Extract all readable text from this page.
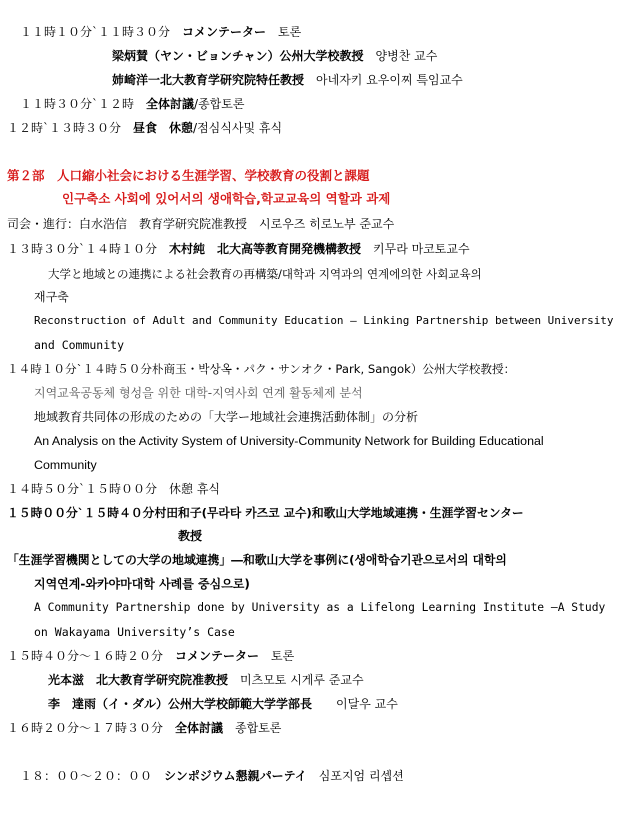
１１時１０分`１１時３０分 コメンテーター 토론
梁炳賛（ヤン・ビョンチャン）公州大学校教授 양병찬 교수
姉崎洋一北大教育学研究院特任教授 아네자키 요우이찌 특임교수
１１時３０分`１２時 全体討議/종합토론
１２時`１３時３０分 昼食　休憩/점심식사및 휴식
第２部　人口縮小社会における生涯学習、学校教育の役割と課題
인구축소 사회에 있어서의 생애학습,학교교육의 역할과 과제
司会・進行：白水浩信　教育学研究院准教授 시로우즈 히로노부 준교수
１３時３０分`１４時１０分 木村純　北大高等教育開発機構教授 키무라 마코토교수
大学と地域との連携による社会教育の再構築/대학과 지역과의 연계에의한 사회교육의
재구축
Reconstruction of Adult and Community Education – Linking Partnership between University
and Community
１４時１０分`１４時５０分朴商玉・박상옥・パク・サンオク・Park, Sangok）公州大学校教授：
지역교육공동체 형성을 위한 대학-지역사회 연계 활동체제 분석
地域教育共同体の形成のための「大学ー地域社会連携活動体制」の分析
An Analysis on the Activity System of University-Community Network for Building Educational
Community
１４時５０分`１５時００分 休憩 휴식
１５時００分`１５時４０分村田和子(무라타 카즈코 교수)和歌山大学地域連携・生涯学習センター
教授
「生涯学習機関としての大学の地域連携」―和歌山大学を事例に(생애학습기관으로서의 대학의
지역연계-와카야마대학 사례를 중심으로)
A Community Partnership done by University as a Lifelong Learning Institute –A Study
on Wakayama University’s Case
１５時４０分～１６時２０分 コメンテーター 토론
光本滋　北大教育学研究院准教授 미츠모토 시게루 준교수
李　達雨（イ・ダル）公州大学校師範大学学部長 이달우 교수
１６時２０分～１７時３０分 全体討議 종합토론
１８：００～２０：００ シンポジウム懇親パーテイ 심포지엄 리셉션
